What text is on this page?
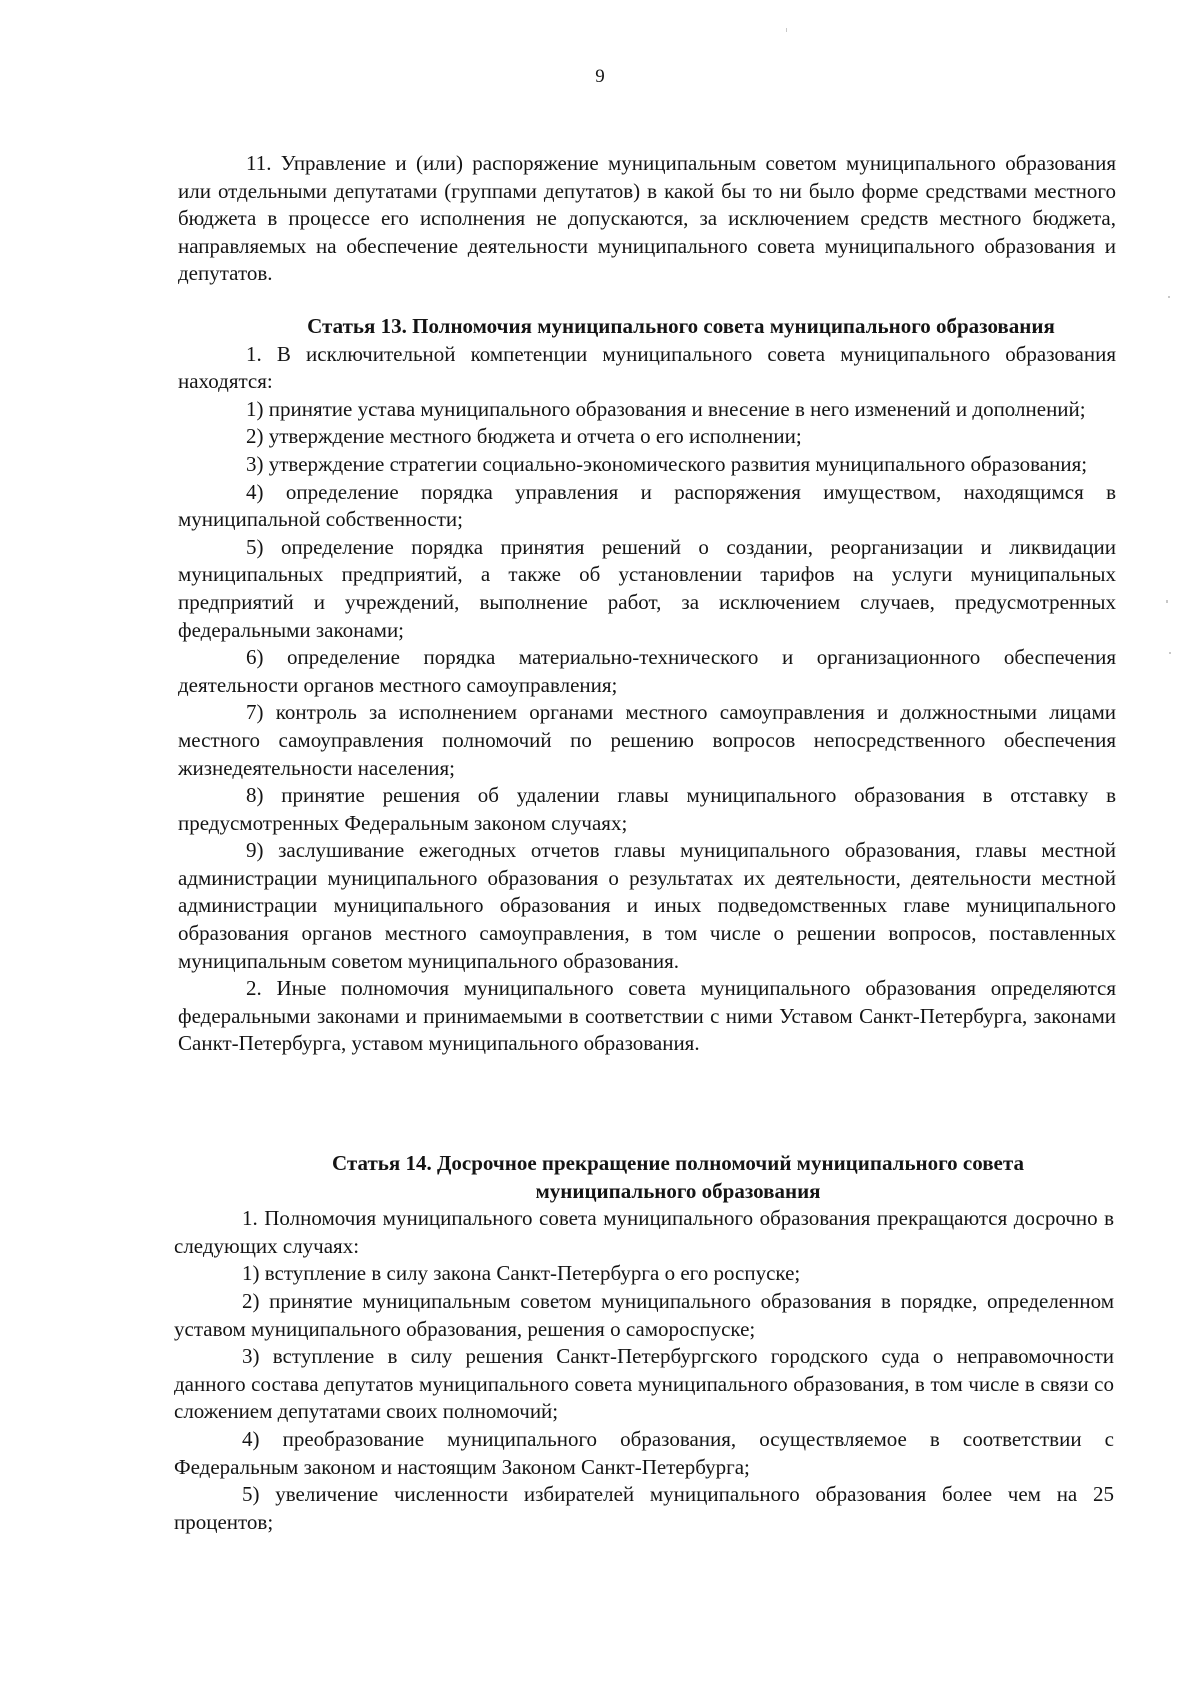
9

11. Управление и (или) распоряжение муниципальным советом муниципального образования или отдельными депутатами (группами депутатов) в какой бы то ни было форме средствами местного бюджета в процессе его исполнения не допускаются, за исключением средств местного бюджета, направляемых на обеспечение деятельности муниципального совета муниципального образования и депутатов.

Статья 13. Полномочия муниципального совета муниципального образования

1. В исключительной компетенции муниципального совета муниципального образования находятся:

1) принятие устава муниципального образования и внесение в него изменений и дополнений;

2) утверждение местного бюджета и отчета о его исполнении;

3) утверждение стратегии социально-экономического развития муниципального образования;

4) определение порядка управления и распоряжения имуществом, находящимся в муниципальной собственности;

5) определение порядка принятия решений о создании, реорганизации и ликвидации муниципальных предприятий, а также об установлении тарифов на услуги муниципальных предприятий и учреждений, выполнение работ, за исключением случаев, предусмотренных федеральными законами;

6) определение порядка материально-технического и организационного обеспечения деятельности органов местного самоуправления;

7) контроль за исполнением органами местного самоуправления и должностными лицами местного самоуправления полномочий по решению вопросов непосредственного обеспечения жизнедеятельности населения;

8) принятие решения об удалении главы муниципального образования в отставку в предусмотренных Федеральным законом случаях;

9) заслушивание ежегодных отчетов главы муниципального образования, главы местной администрации муниципального образования о результатах их деятельности, деятельности местной администрации муниципального образования и иных подведомственных главе муниципального образования органов местного самоуправления, в том числе о решении вопросов, поставленных муниципальным советом муниципального образования.

2. Иные полномочия муниципального совета муниципального образования определяются федеральными законами и принимаемыми в соответствии с ними Уставом Санкт-Петербурга, законами Санкт-Петербурга, уставом муниципального образования.

Статья 14. Досрочное прекращение полномочий муниципального совета

муниципального образования

1. Полномочия муниципального совета муниципального образования прекращаются досрочно в следующих случаях:

1) вступление в силу закона Санкт-Петербурга о его роспуске;

2) принятие муниципальным советом муниципального образования в порядке, определенном уставом муниципального образования, решения о самороспуске;

3) вступление в силу решения Санкт-Петербургского городского суда о неправомочности данного состава депутатов муниципального совета муниципального образования, в том числе в связи со сложением депутатами своих полномочий;

4) преобразование муниципального образования, осуществляемое в соответствии с Федеральным законом и настоящим Законом Санкт-Петербурга;

5) увеличение численности избирателей муниципального образования более чем на 25 процентов;
